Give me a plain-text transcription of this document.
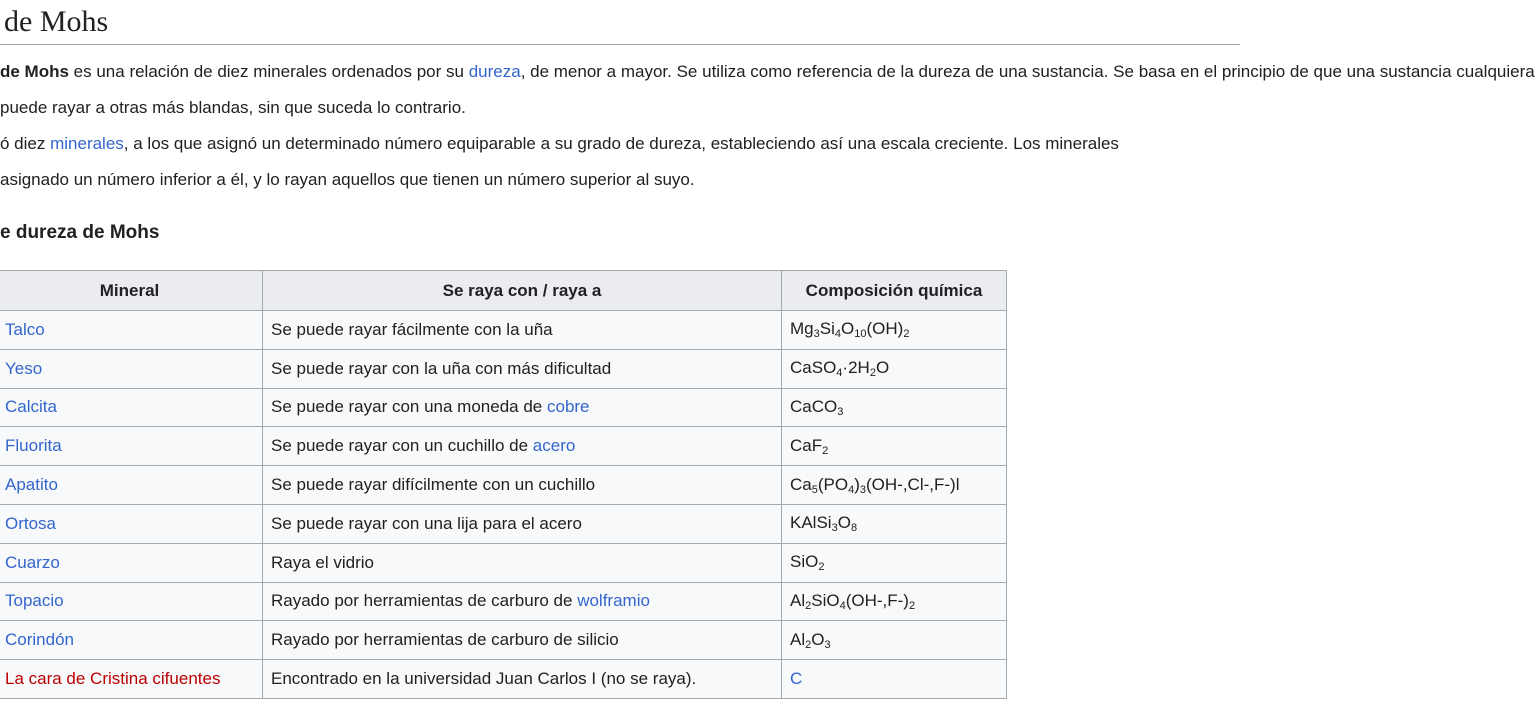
de Mohs
de Mohs es una relación de diez minerales ordenados por su dureza, de menor a mayor. Se utiliza como referencia de la dureza de una sustancia. Se basa en el principio de que una sustancia cualquiera
puede rayar a otras más blandas, sin que suceda lo contrario.
ó diez minerales, a los que asignó un determinado número equiparable a su grado de dureza, estableciendo así una escala creciente. Los minerales
asignado un número inferior a él, y lo rayan aquellos que tienen un número superior al suyo.
e dureza de Mohs
Mineral	Se raya con / raya a	Composición química
Talco	Se puede rayar fácilmente con la uña	$Mg_3Si_4O_{10}(OH)_2$
Yeso	Se puede rayar con la uña con más dificultad	$CaSO_4\cdot 2H_2O$
Calcita	Se puede rayar con una moneda de cobre	CaCO$_3$
Fluorita	Se puede rayar con un cuchillo de acero	CaF$_2$
Apatito	Se puede rayar difícilmente con un cuchillo	$Ca_5(PO_4)_3(OH-,Cl-,F-)l$
Ortosa	Se puede rayar con una lija para el acero	$KAlSi_3O_8$
Cuarzo	Raya el vidrio	SiO$_2$
Topacio	Rayado por herramientas de carburo de wolframio	$Al_2SiO_4(OH-,F-)_2$
Corindón	Rayado por herramientas de carburo de silicio	$Al_2O_3$
La cara de Cristina cifuentes	Encontrado en la universidad Juan Carlos I (no se raya).	C
